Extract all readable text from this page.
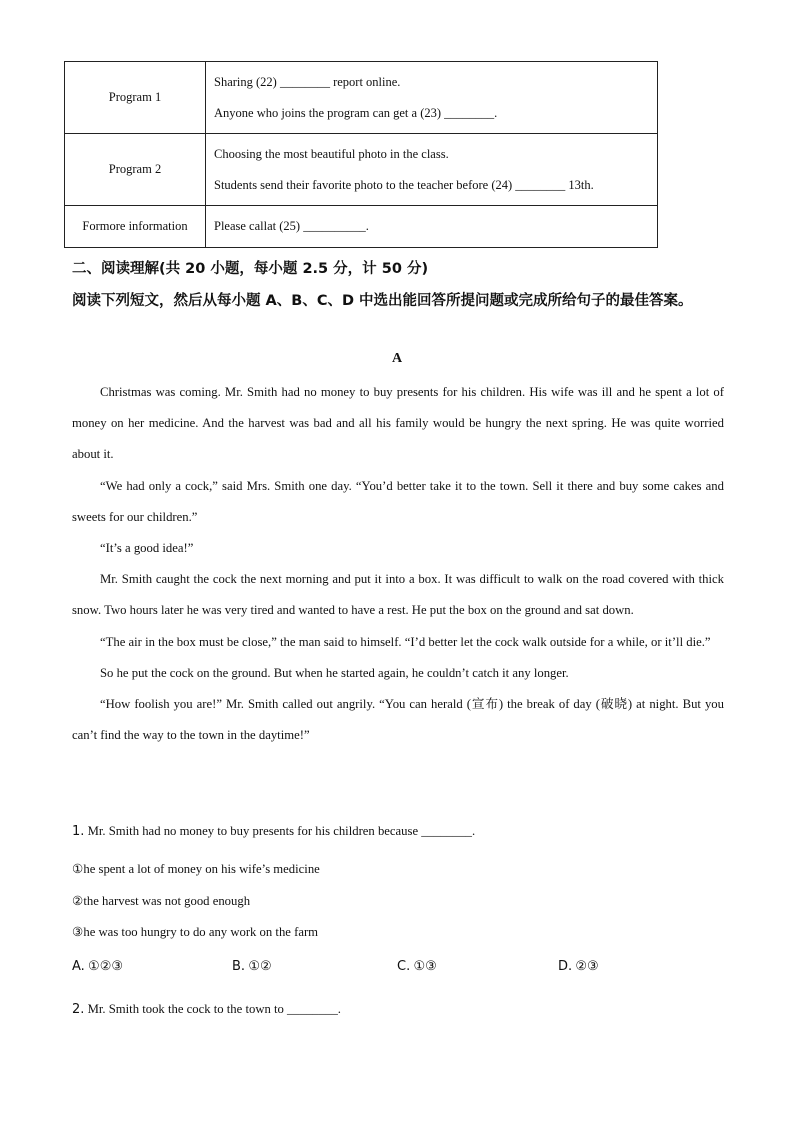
Program 1	Sharing (22) ________ report online.
Anyone who joins the program can get a (23) ________.

Program 2	Choosing the most beautiful photo in the class.
Students send their favorite photo to the teacher before (24) ________ 13th.

Formore information	Please callat (25) __________.
二、阅读理解(共 20 小题，每小题 2.5 分，计 50 分)
阅读下列短文，然后从每小题 A、B、C、D 中选出能回答所提问题或完成所给句子的最佳答案。
A

Christmas was coming. Mr. Smith had no money to buy presents for his children. His wife was ill and he spent a lot of money on her medicine. And the harvest was bad and all his family would be hungry the next spring. He was quite worried about it.

“We had only a cock,” said Mrs. Smith one day. “You’d better take it to the town. Sell it there and buy some cakes and sweets for our children.”

“It’s a good idea!”

Mr. Smith caught the cock the next morning and put it into a box. It was difficult to walk on the road covered with thick snow. Two hours later he was very tired and wanted to have a rest. He put the box on the ground and sat down.

“The air in the box must be close,” the man said to himself. “I’d better let the cock walk outside for a while, or it’ll die.”

So he put the cock on the ground. But when he started again, he couldn’t catch it any longer.

“How foolish you are!” Mr. Smith called out angrily. “You can herald (宣布) the break of day (破晓) at night. But you can’t find the way to the town in the daytime!”

1. Mr. Smith had no money to buy presents for his children because ________.
①he spent a lot of money on his wife’s medicine
②the harvest was not good enough
③he was too hungry to do any work on the farm
A. ①②③	B. ①②	C. ①③	D. ②③
2. Mr. Smith took the cock to the town to ________.
